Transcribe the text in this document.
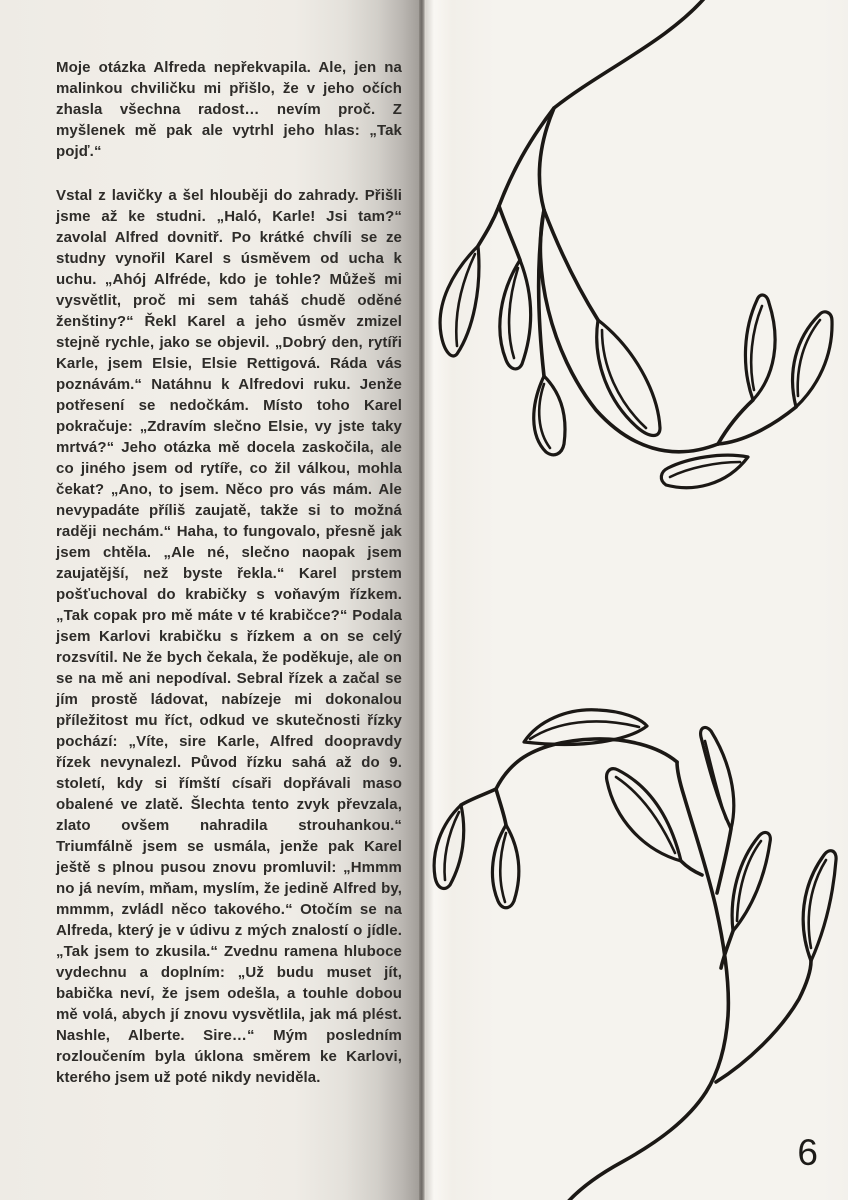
Moje otázka Alfreda nepřekvapila. Ale, jen na malinkou chviličku mi přišlo, že v jeho očích zhasla všechna radost… nevím proč. Z myšlenek mě pak ale vytrhl jeho hlas: „Tak pojď.“

Vstal z lavičky a šel hlouběji do zahrady. Přišli jsme až ke studni. „Haló, Karle! Jsi tam?“ zavolal Alfred dovnitř. Po krátké chvíli se ze studny vynořil Karel s úsměvem od ucha k uchu. „Ahój Alfréde, kdo je tohle? Můžeš mi vysvětlit, proč mi sem taháš chudě oděné ženštiny?“ Řekl Karel a jeho úsměv zmizel stejně rychle, jako se objevil. „Dobrý den, rytíři Karle, jsem Elsie, Elsie Rettigová. Ráda vás poznávám.“ Natáhnu k Alfredovi ruku. Jenže potřesení se nedočkám. Místo toho Karel pokračuje: „Zdravím slečno Elsie, vy jste taky mrtvá?“ Jeho otázka mě docela zaskočila, ale co jiného jsem od rytíře, co žil válkou, mohla čekat? „Ano, to jsem. Něco pro vás mám. Ale nevypadáte příliš zaujatě, takže si to možná raději nechám.“ Haha, to fungovalo, přesně jak jsem chtěla. „Ale né, slečno naopak jsem zaujatější, než byste řekla.“ Karel prstem pošťuchoval do krabičky s voňavým řízkem. „Tak copak pro mě máte v té krabičce?“ Podala jsem Karlovi krabičku s řízkem a on se celý rozsvítil. Ne že bych čekala, že poděkuje, ale on se na mě ani nepodíval. Sebral řízek a začal se jím prostě ládovat, nabízeje mi dokonalou příležitost mu říct, odkud ve skutečnosti řízky pochází: „Víte, sire Karle, Alfred doopravdy řízek nevynalezl. Původ řízku sahá až do 9. století, kdy si římští císaři dopřávali maso obalené ve zlatě. Šlechta tento zvyk převzala, zlato ovšem nahradila strouhankou.“ Triumfálně jsem se usmála, jenže pak Karel ještě s plnou pusou znovu promluvil: „Hmmm no já nevím, mňam, myslím, že jedině Alfred by, mmmm, zvládl něco takového.“ Otočím se na Alfreda, který je v údivu z mých znalostí o jídle. „Tak jsem to zkusila.“ Zvednu ramena hluboce vydechnu a doplním: „Už budu muset jít, babička neví, že jsem odešla, a touhle dobou mě volá, abych jí znovu vysvětlila, jak má plést. Nashle, Alberte. Sire…“ Mým posledním rozloučením byla úklona směrem ke Karlovi, kterého jsem už poté nikdy neviděla.

6
